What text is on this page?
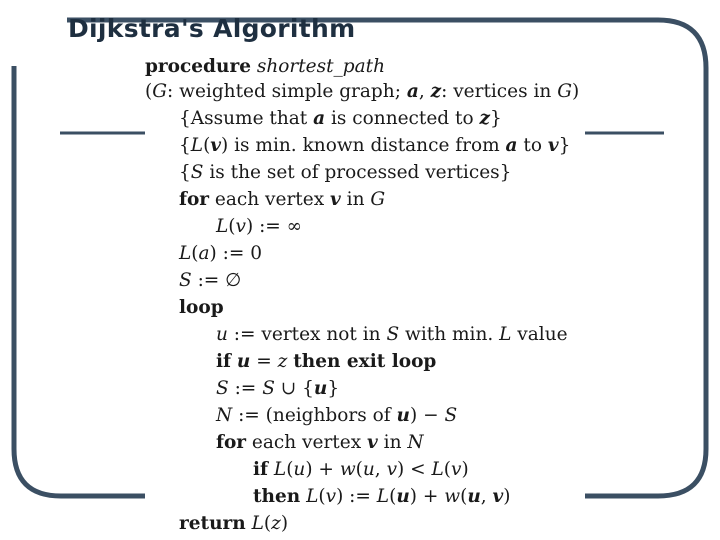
Dijkstra's Algorithm
procedure shortest_path
(G: weighted simple graph; a, z: vertices in G)
{Assume that a is connected to z}
{L(v) is min. known distance from a to v}
{S is the set of processed vertices}
for each vertex v in G
L(v) := ∞
L(a) := 0
S := ∅
loop
u := vertex not in S with min. L value
if u = z then exit loop
S := S ∪ {u}
N := (neighbors of u) − S
for each vertex v in N
if L(u) + w(u, v) < L(v)
then L(v) := L(u) + w(u, v)
return L(z)
